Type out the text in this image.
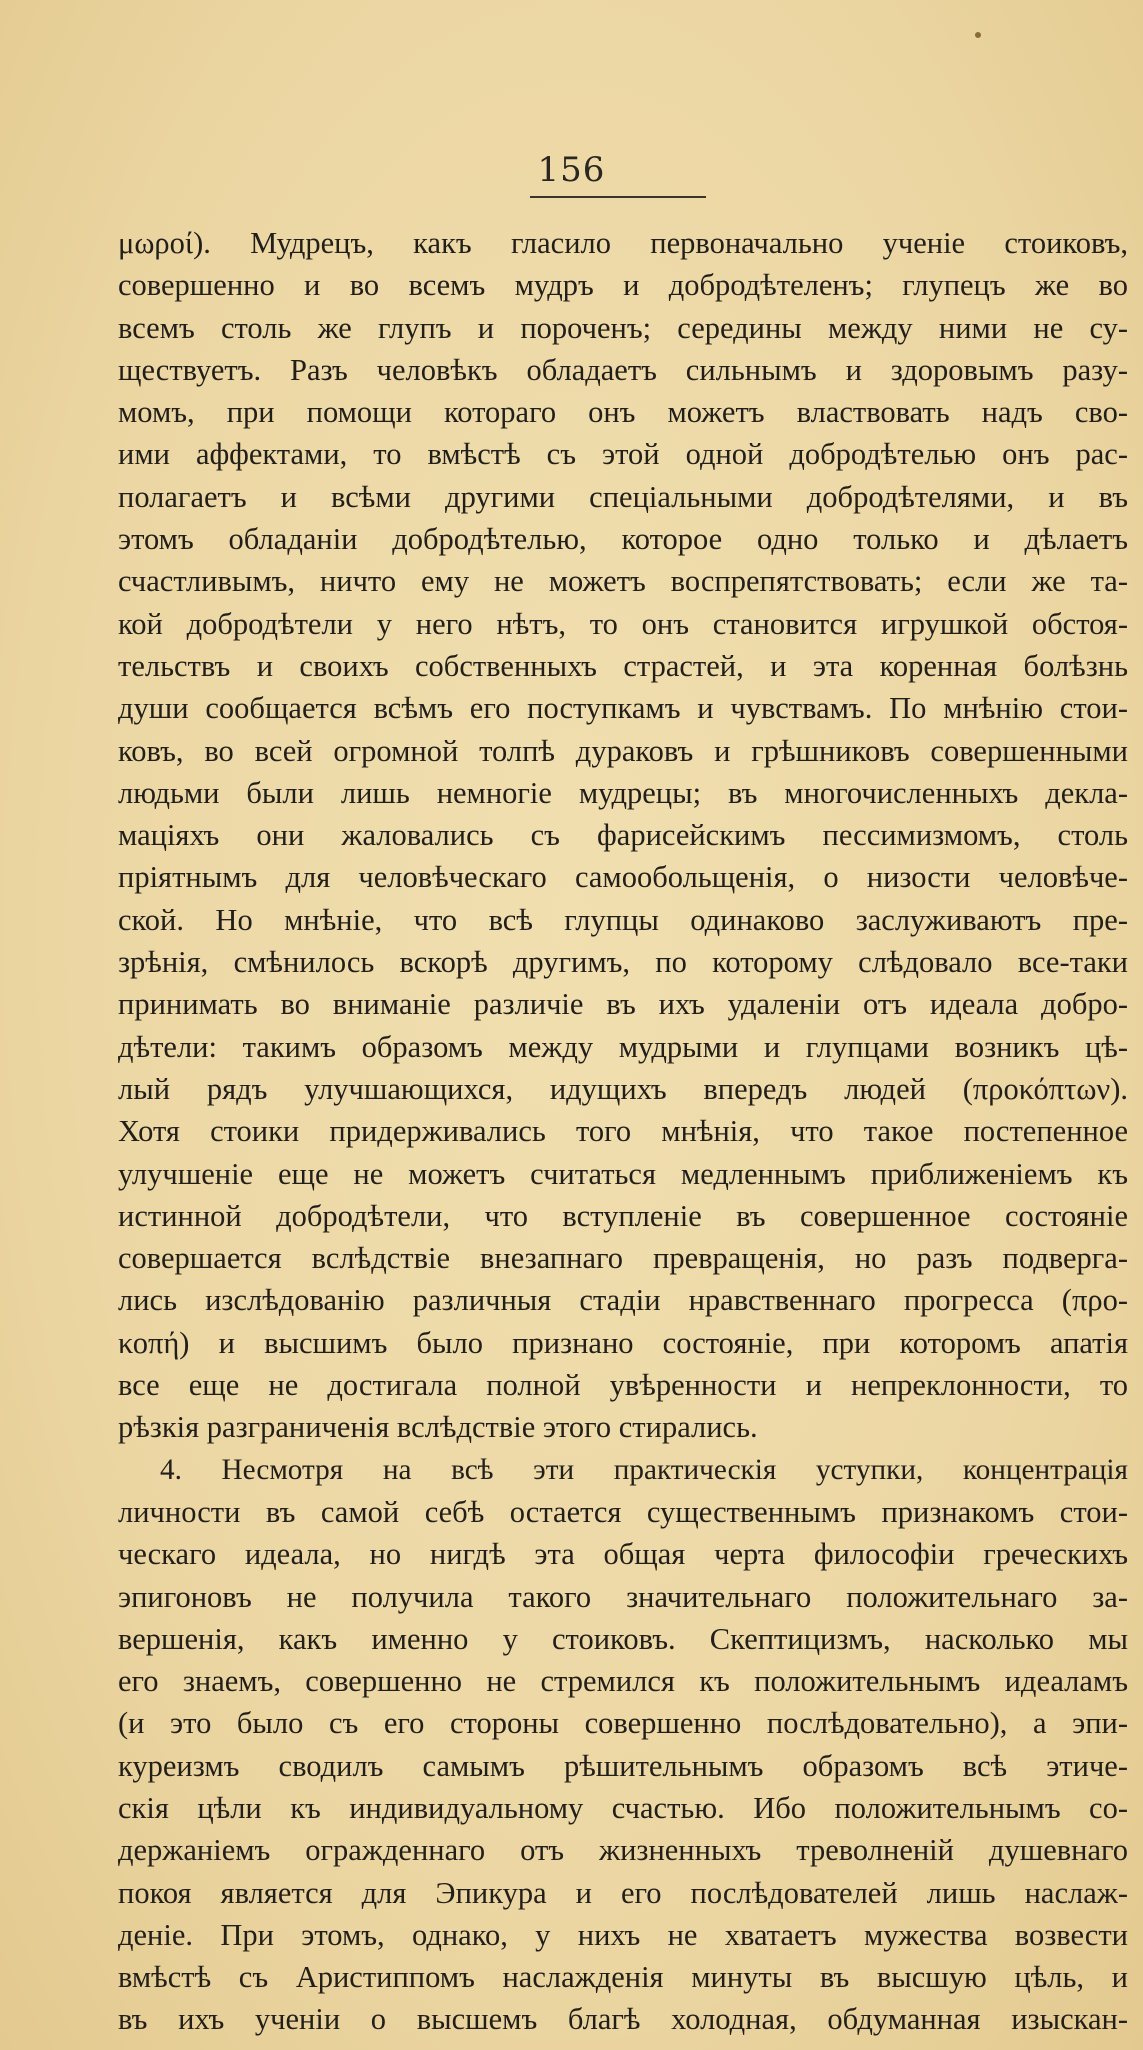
156
μωροί). Мудрецъ, какъ гласило первоначально ученіе стоиковъ,
совершенно и во всемъ мудръ и добродѣтеленъ; глупецъ же во
всемъ столь же глупъ и пороченъ; середины между ними не су-
ществуетъ. Разъ человѣкъ обладаетъ сильнымъ и здоровымъ разу-
момъ, при помощи котораго онъ можетъ властвовать надъ сво-
ими аффектами, то вмѣстѣ съ этой одной добродѣтелью онъ рас-
полагаетъ и всѣми другими спеціальными добродѣтелями, и въ
этомъ обладаніи добродѣтелью, которое одно только и дѣлаетъ
счастливымъ, ничто ему не можетъ воспрепятствовать; если же та-
кой добродѣтели у него нѣтъ, то онъ становится игрушкой обстоя-
тельствъ и своихъ собственныхъ страстей, и эта коренная болѣзнь
души сообщается всѣмъ его поступкамъ и чувствамъ. По мнѣнію стои-
ковъ, во всей огромной толпѣ дураковъ и грѣшниковъ совершенными
людьми были лишь немногіе мудрецы; въ многочисленныхъ декла-
маціяхъ они жаловались съ фарисейскимъ пессимизмомъ, столь
пріятнымъ для человѣческаго самообольщенія, о низости человѣче-
ской. Но мнѣніе, что всѣ глупцы одинаково заслуживаютъ пре-
зрѣнія, смѣнилось вскорѣ другимъ, по которому слѣдовало все-таки
принимать во вниманіе различіе въ ихъ удаленіи отъ идеала добро-
дѣтели: такимъ образомъ между мудрыми и глупцами возникъ цѣ-
лый рядъ улучшающихся, идущихъ впередъ людей (προκόπτων).
Хотя стоики придерживались того мнѣнія, что такое постепенное
улучшеніе еще не можетъ считаться медленнымъ приближеніемъ къ
истинной добродѣтели, что вступленіе въ совершенное состояніе
совершается вслѣдствіе внезапнаго превращенія, но разъ подверга-
лись изслѣдованію различныя стадіи нравственнаго прогресса (προ-
κοπή) и высшимъ было признано состояніе, при которомъ апатія
все еще не достигала полной увѣренности и непреклонности, то
рѣзкія разграниченія вслѣдствіе этого стирались.
4. Несмотря на всѣ эти практическія уступки, концентрація
личности въ самой себѣ остается существеннымъ признакомъ стои-
ческаго идеала, но нигдѣ эта общая черта философіи греческихъ
эпигоновъ не получила такого значительнаго положительнаго за-
вершенія, какъ именно у стоиковъ. Скептицизмъ, насколько мы
его знаемъ, совершенно не стремился къ положительнымъ идеаламъ
(и это было съ его стороны совершенно послѣдовательно), а эпи-
куреизмъ сводилъ самымъ рѣшительнымъ образомъ всѣ этиче-
скія цѣли къ индивидуальному счастью. Ибо положительнымъ со-
держаніемъ огражденнаго отъ жизненныхъ треволненій душевнаго
покоя является для Эпикура и его послѣдователей лишь наслаж-
деніе. При этомъ, однако, у нихъ не хватаетъ мужества возвести
вмѣстѣ съ Аристиппомъ наслажденія минуты въ высшую цѣль, и
въ ихъ ученіи о высшемъ благѣ холодная, обдуманная изыскан-
